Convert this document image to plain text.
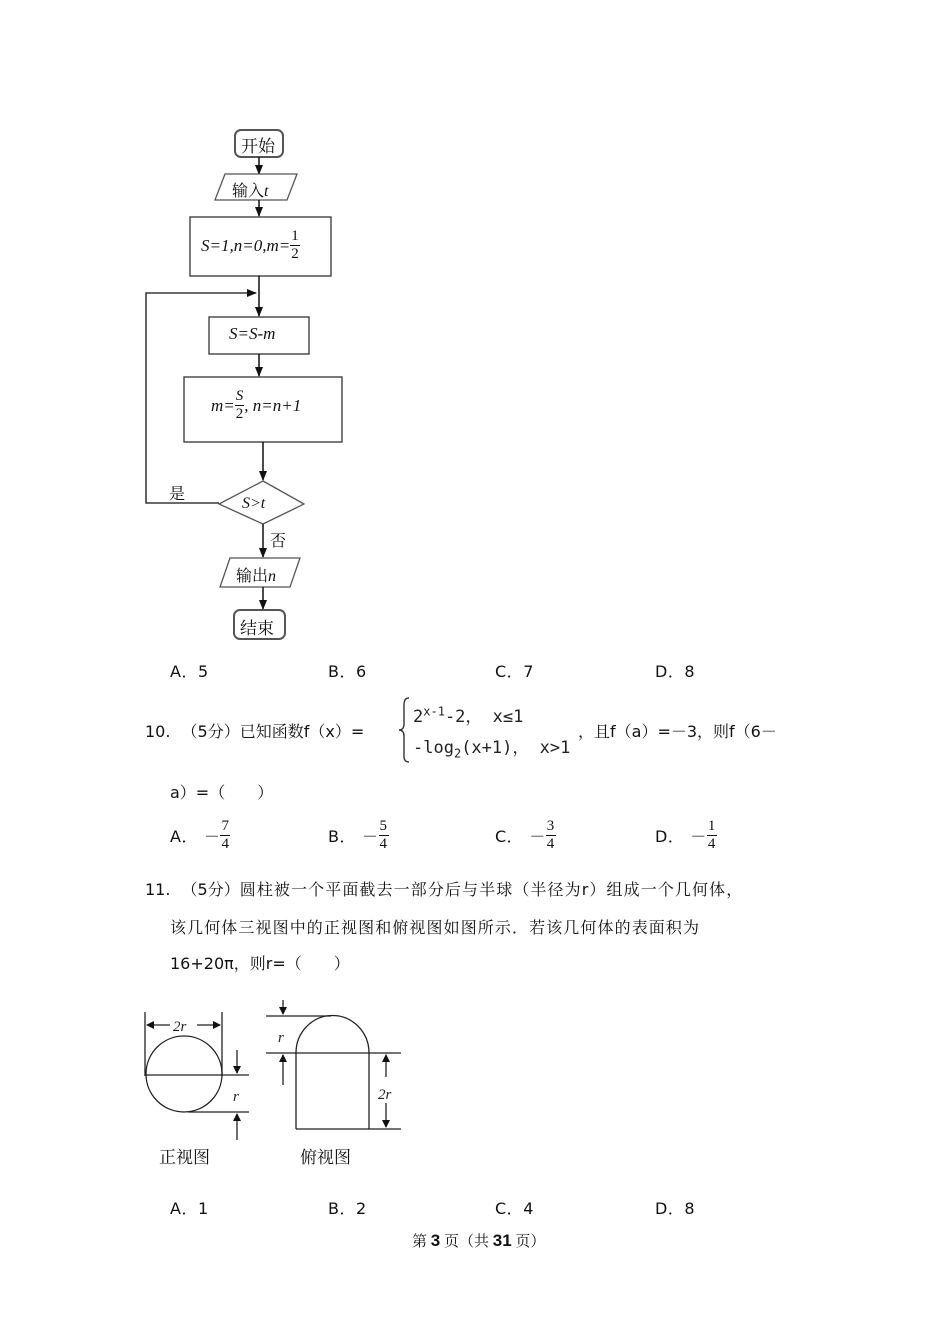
开始
输入t
$S=1,n=0,m= \frac{1}{2}$
S=S-m
$m= \frac{S}{2}$ , n=n+1
S>t
是
否
输出n
结束
A．5	B．6	C．7	D．8
10. （5分）已知函数f（x）=
$2^{x-1}-2$， x≤1
$-\log_2(x+1)$， x>1
，且f（a）=－3，则f（6－
a）=（　　）
A． － $\frac{7}{4}$	B． － $\frac{5}{4}$	C． － $\frac{3}{4}$	D． － $\frac{1}{4}$
11. （5分）圆柱被一个平面截去一部分后与半球（半径为r）组成一个几何体，
该几何体三视图中的正视图和俯视图如图所示．若该几何体的表面积为
16+20π，则r=（　　）
2r
r
r
2r
正视图	俯视图
A．1	B．2	C．4	D．8
第 3 页（共 31 页）
